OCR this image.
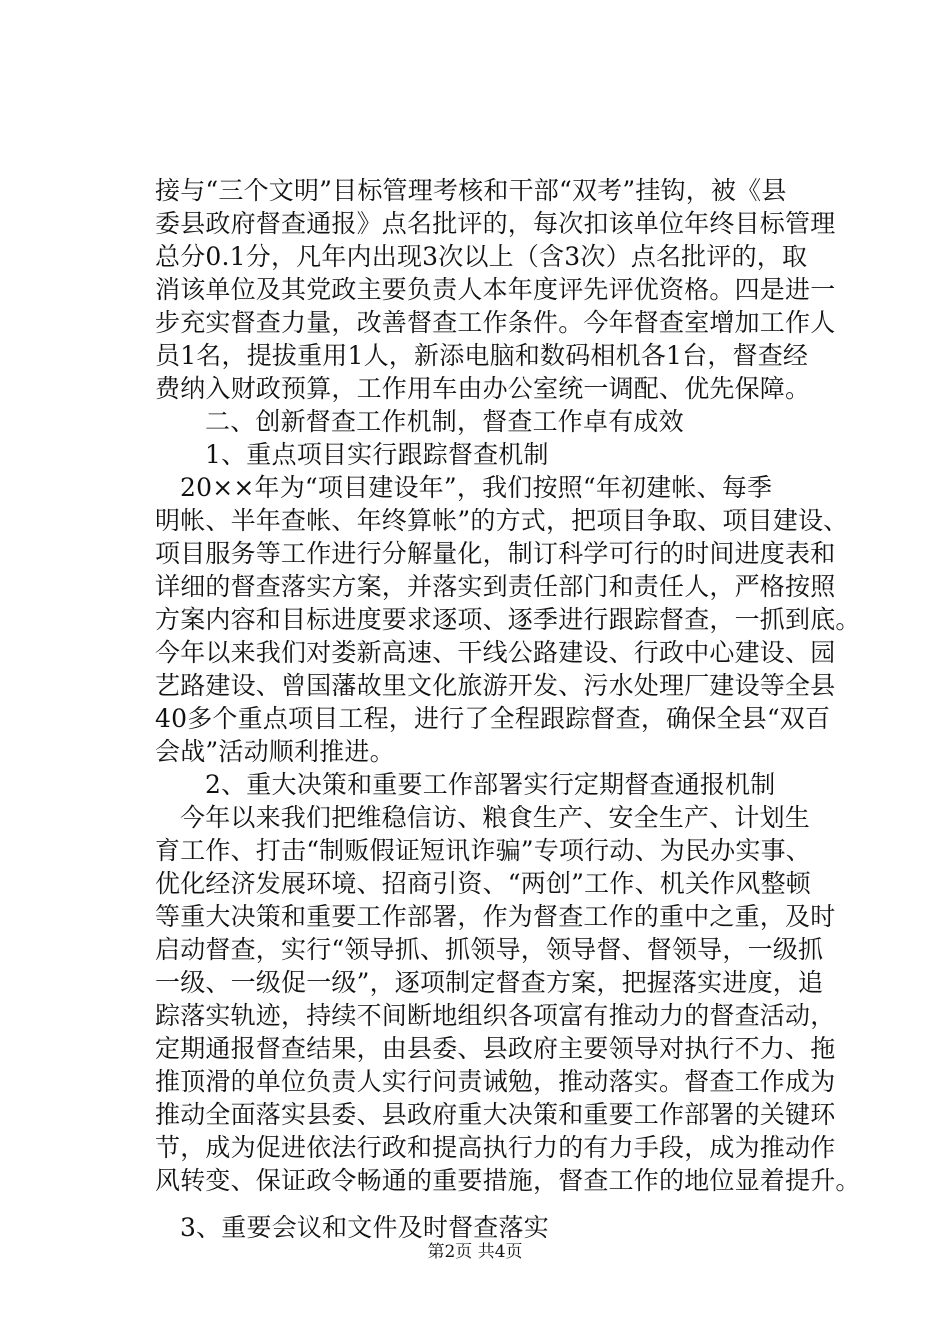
接与“三个文明”目标管理考核和干部“双考”挂钩，被《县
委县政府督查通报》点名批评的，每次扣该单位年终目标管理
总分0.1分，凡年内出现3次以上（含3次）点名批评的，取
消该单位及其党政主要负责人本年度评先评优资格。四是进一
步充实督查力量，改善督查工作条件。今年督查室增加工作人
员1名，提拔重用1人，新添电脑和数码相机各1台，督查经
费纳入财政预算，工作用车由办公室统一调配、优先保障。
二、创新督查工作机制，督查工作卓有成效
1、重点项目实行跟踪督查机制
20××年为“项目建设年”，我们按照“年初建帐、每季
明帐、半年查帐、年终算帐”的方式，把项目争取、项目建设、
项目服务等工作进行分解量化，制订科学可行的时间进度表和
详细的督查落实方案，并落实到责任部门和责任人，严格按照
方案内容和目标进度要求逐项、逐季进行跟踪督查，一抓到底。
今年以来我们对娄新高速、干线公路建设、行政中心建设、园
艺路建设、曾国藩故里文化旅游开发、污水处理厂建设等全县
40多个重点项目工程，进行了全程跟踪督查，确保全县“双百
会战”活动顺利推进。
2、重大决策和重要工作部署实行定期督查通报机制
今年以来我们把维稳信访、粮食生产、安全生产、计划生
育工作、打击“制贩假证短讯诈骗”专项行动、为民办实事、
优化经济发展环境、招商引资、“两创”工作、机关作风整顿
等重大决策和重要工作部署，作为督查工作的重中之重，及时
启动督查，实行“领导抓、抓领导，领导督、督领导，一级抓
一级、一级促一级”，逐项制定督查方案，把握落实进度，追
踪落实轨迹，持续不间断地组织各项富有推动力的督查活动，
定期通报督查结果，由县委、县政府主要领导对执行不力、拖
推顶滑的单位负责人实行问责诫勉，推动落实。督查工作成为
推动全面落实县委、县政府重大决策和重要工作部署的关键环
节，成为促进依法行政和提高执行力的有力手段，成为推动作
风转变、保证政令畅通的重要措施，督查工作的地位显着提升。
3、重要会议和文件及时督查落实
第2页 共4页
